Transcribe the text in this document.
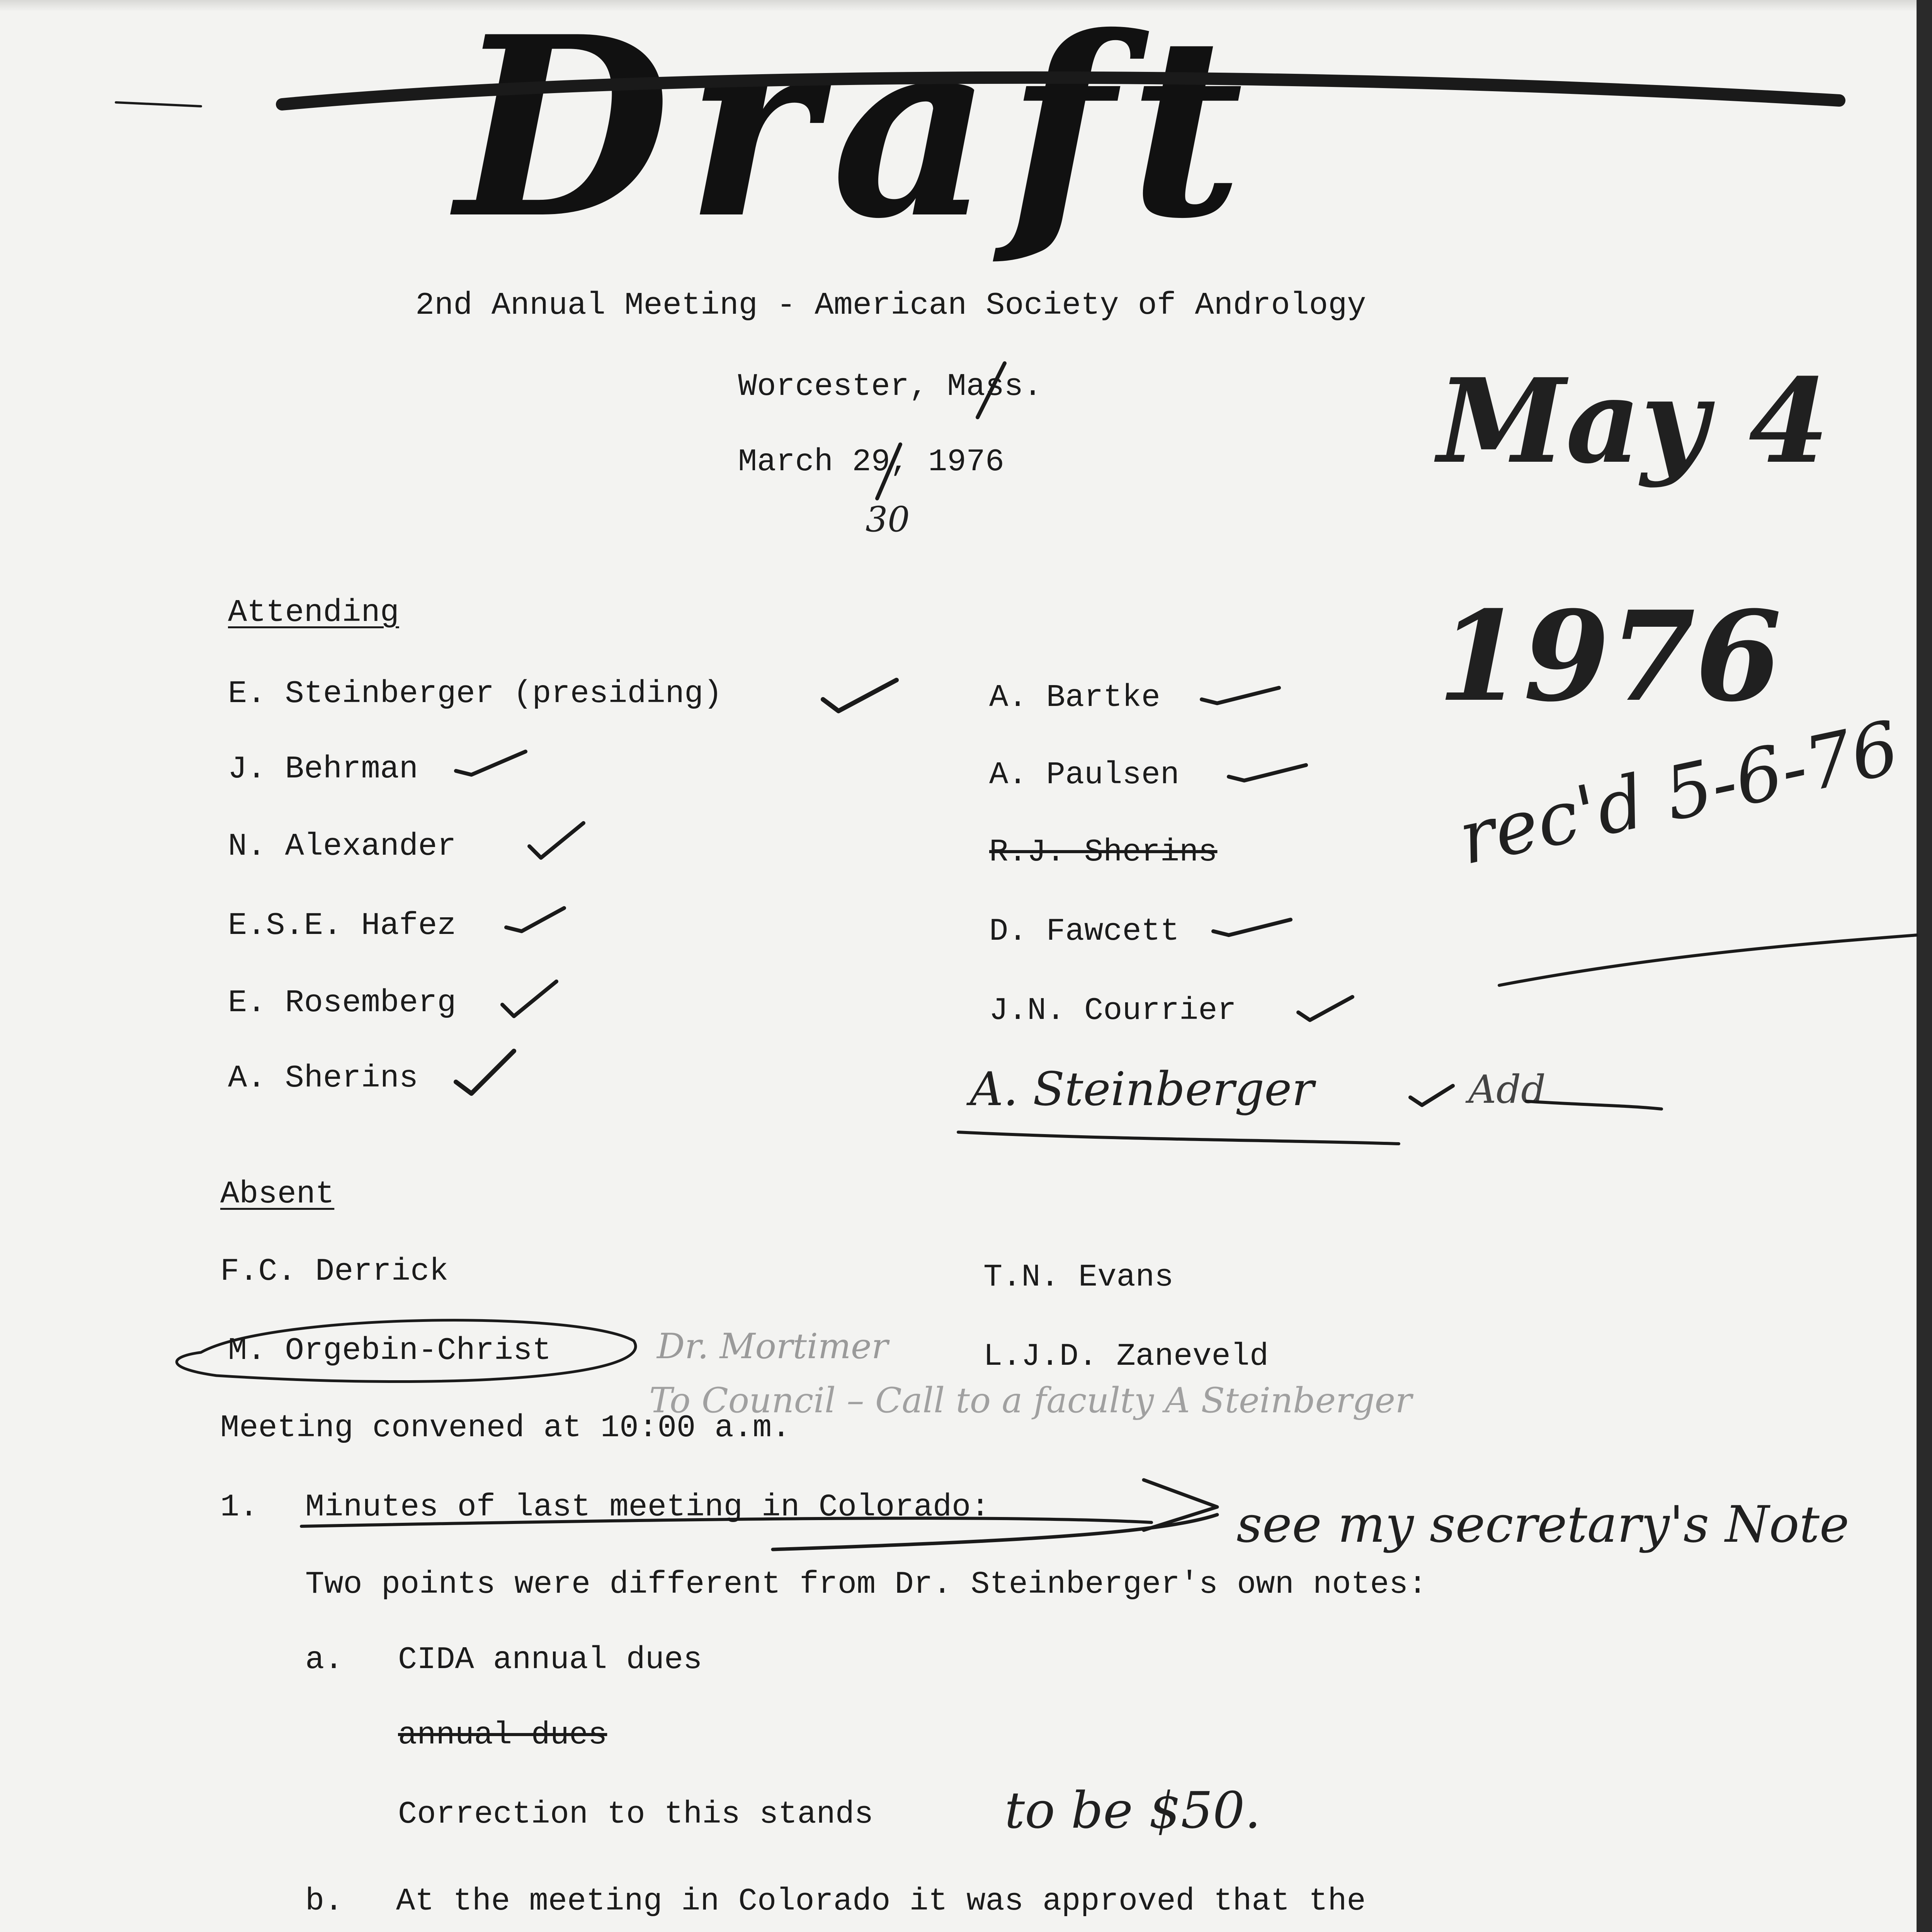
Draft
2nd Annual Meeting - American Society of Andrology
Worcester, Mass.
March 29, 1976
30
May 4
1976
rec'd 5-6-76
Attending
E. Steinberger (presiding)
J. Behrman
N. Alexander
E.S.E. Hafez
E. Rosemberg
A. Sherins
A. Bartke
A. Paulsen
R.J. Sherins
D. Fawcett
J.N. Courrier
A. Steinberger	Add
Absent
F.C. Derrick
M. Orgebin-Christ
T.N. Evans
L.J.D. Zaneveld
Dr. Mortimer
To Council – Call to a faculty A Steinberger
Meeting convened at 10:00 a.m.
1. Minutes of last meeting in Colorado:	see my secretary's Note
Two points were different from Dr. Steinberger's own notes:
a. CIDA annual dues
annual dues
Correction to this stands	to be $50.
b. At the meeting in Colorado it was approved that the
